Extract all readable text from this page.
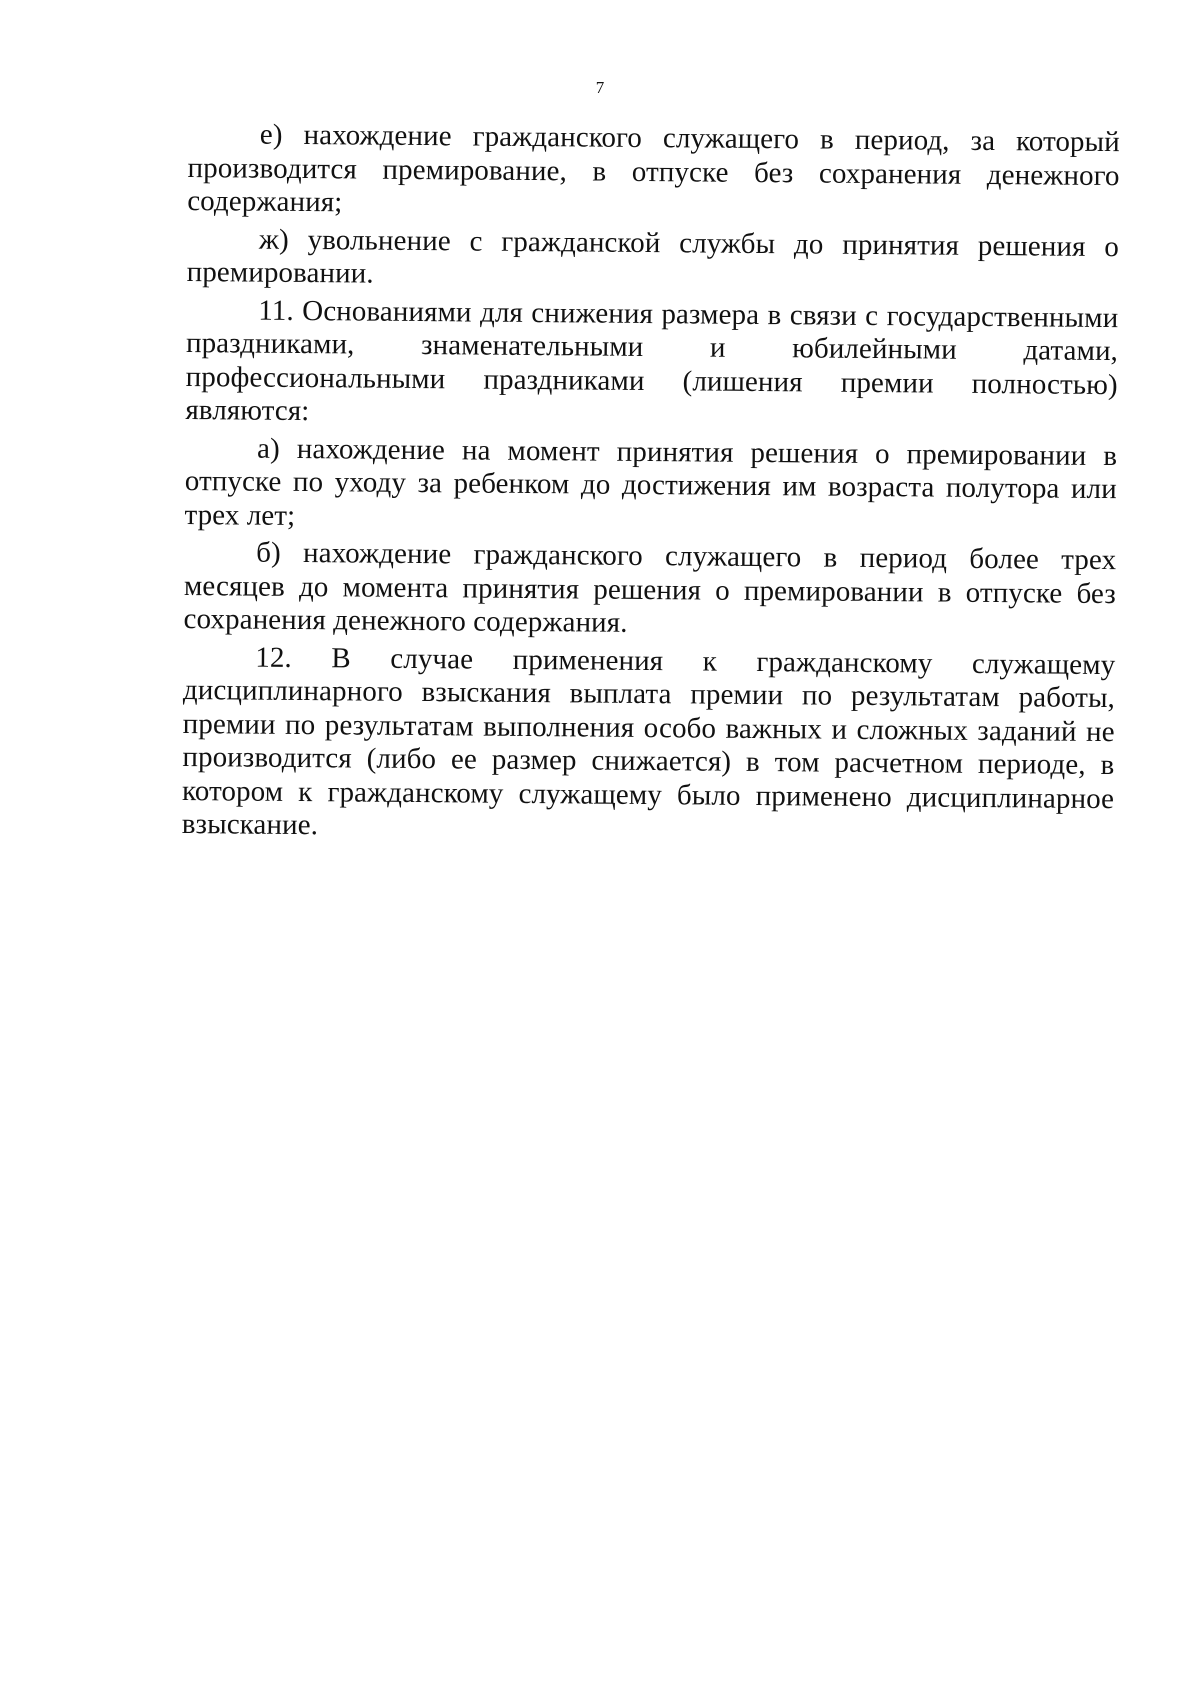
7

е) нахождение гражданского служащего в период, за который производится премирование, в отпуске без сохранения денежного содержания;

ж) увольнение с гражданской службы до принятия решения о премировании.

11. Основаниями для снижения размера в связи с государственными праздниками, знаменательными и юбилейными датами, профессиональными праздниками (лишения премии полностью) являются:

а) нахождение на момент принятия решения о премировании в отпуске по уходу за ребенком до достижения им возраста полутора или трех лет;

б) нахождение гражданского служащего в период более трех месяцев до момента принятия решения о премировании в отпуске без сохранения денежного содержания.

12. В случае применения к гражданскому служащему дисциплинарного взыскания выплата премии по результатам работы, премии по результатам выполнения особо важных и сложных заданий не производится (либо ее размер снижается) в том расчетном периоде, в котором к гражданскому служащему было применено дисциплинарное взыскание.
